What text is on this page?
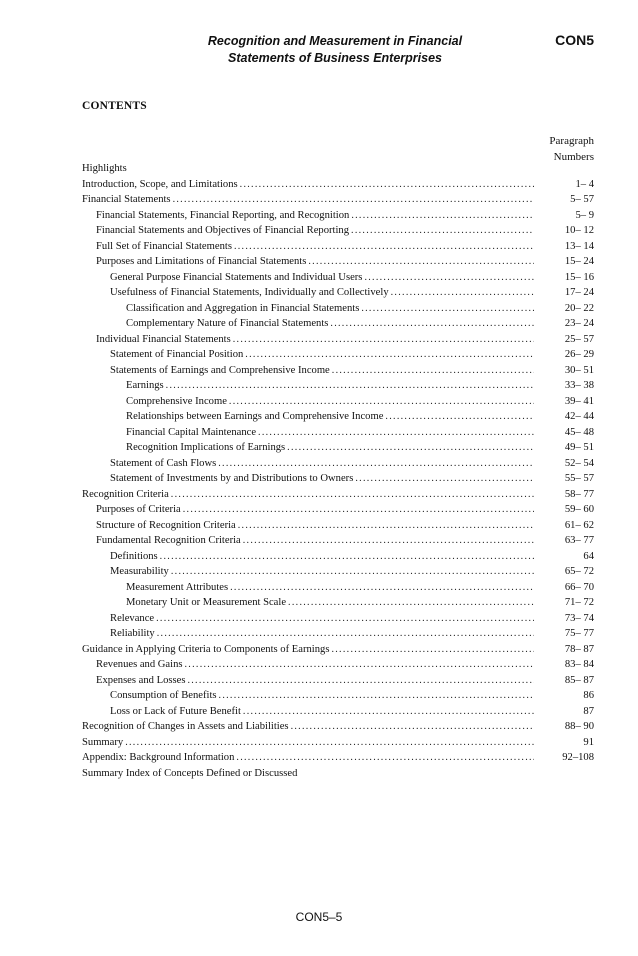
Recognition and Measurement in Financial
Statements of Business Enterprises
CON5
CONTENTS
Paragraph
Numbers
Highlights
Introduction, Scope, and Limitations .....	1– 4
Financial Statements .....	5– 57
Financial Statements, Financial Reporting, and Recognition .....	5– 9
Financial Statements and Objectives of Financial Reporting .....	10– 12
Full Set of Financial Statements .....	13– 14
Purposes and Limitations of Financial Statements .....	15– 24
General Purpose Financial Statements and Individual Users .....	15– 16
Usefulness of Financial Statements, Individually and Collectively .....	17– 24
Classification and Aggregation in Financial Statements .....	20– 22
Complementary Nature of Financial Statements .....	23– 24
Individual Financial Statements .....	25– 57
Statement of Financial Position .....	26– 29
Statements of Earnings and Comprehensive Income .....	30– 51
Earnings .....	33– 38
Comprehensive Income .....	39– 41
Relationships between Earnings and Comprehensive Income .....	42– 44
Financial Capital Maintenance .....	45– 48
Recognition Implications of Earnings .....	49– 51
Statement of Cash Flows .....	52– 54
Statement of Investments by and Distributions to Owners .....	55– 57
Recognition Criteria .....	58– 77
Purposes of Criteria .....	59– 60
Structure of Recognition Criteria .....	61– 62
Fundamental Recognition Criteria .....	63– 77
Definitions .....	64
Measurability .....	65– 72
Measurement Attributes .....	66– 70
Monetary Unit or Measurement Scale .....	71– 72
Relevance .....	73– 74
Reliability .....	75– 77
Guidance in Applying Criteria to Components of Earnings .....	78– 87
Revenues and Gains .....	83– 84
Expenses and Losses .....	85– 87
Consumption of Benefits .....	86
Loss or Lack of Future Benefit .....	87
Recognition of Changes in Assets and Liabilities .....	88– 90
Summary .....	91
Appendix: Background Information .....	92–108
Summary Index of Concepts Defined or Discussed
CON5–5
